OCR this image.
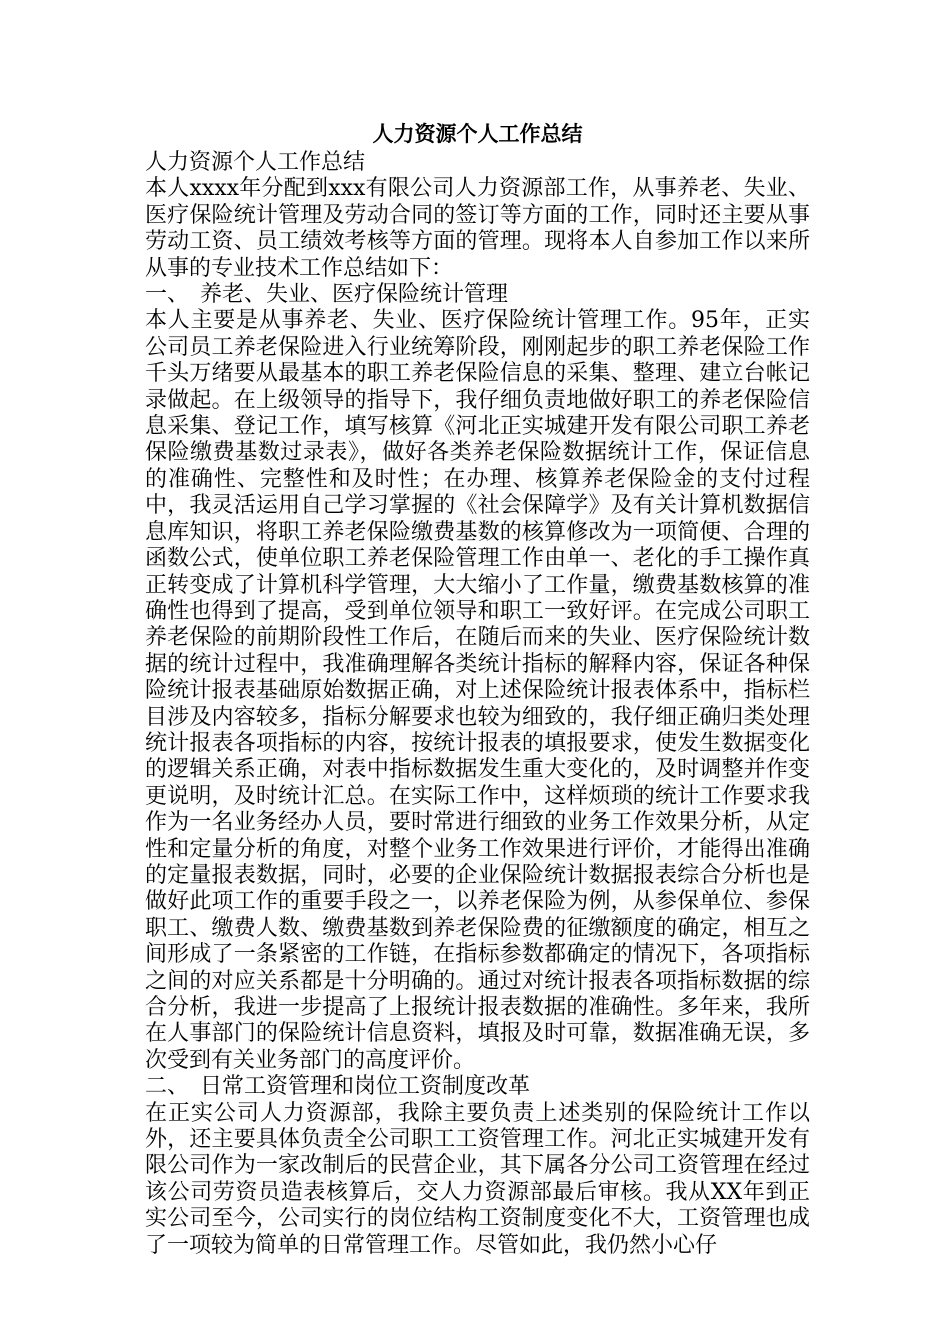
人力资源个人工作总结

人力资源个人工作总结

本人xxxx年分配到xxx有限公司人力资源部工作，从事养老、失业、医疗保险统计管理及劳动合同的签订等方面的工作，同时还主要从事劳动工资、员工绩效考核等方面的管理。现将本人自参加工作以来所从事的专业技术工作总结如下：

一、　养老、失业、医疗保险统计管理

本人主要是从事养老、失业、医疗保险统计管理工作。95年，正实公司员工养老保险进入行业统筹阶段，刚刚起步的职工养老保险工作千头万绪要从最基本的职工养老保险信息的采集、整理、建立台帐记录做起。在上级领导的指导下，我仔细负责地做好职工的养老保险信息采集、登记工作，填写核算《河北正实城建开发有限公司职工养老保险缴费基数过录表》，做好各类养老保险数据统计工作，保证信息的准确性、完整性和及时性；在办理、核算养老保险金的支付过程中，我灵活运用自己学习掌握的《社会保障学》及有关计算机数据信息库知识，将职工养老保险缴费基数的核算修改为一项简便、合理的函数公式，使单位职工养老保险管理工作由单一、老化的手工操作真正转变成了计算机科学管理，大大缩小了工作量，缴费基数核算的准确性也得到了提高，受到单位领导和职工一致好评。在完成公司职工养老保险的前期阶段性工作后，在随后而来的失业、医疗保险统计数据的统计过程中，我准确理解各类统计指标的解释内容，保证各种保险统计报表基础原始数据正确，对上述保险统计报表体系中，指标栏目涉及内容较多，指标分解要求也较为细致的，我仔细正确归类处理统计报表各项指标的内容，按统计报表的填报要求，使发生数据变化的逻辑关系正确，对表中指标数据发生重大变化的，及时调整并作变更说明，及时统计汇总。在实际工作中，这样烦琐的统计工作要求我作为一名业务经办人员，要时常进行细致的业务工作效果分析，从定性和定量分析的角度，对整个业务工作效果进行评价，才能得出准确的定量报表数据，同时，必要的企业保险统计数据报表综合分析也是做好此项工作的重要手段之一，以养老保险为例，从参保单位、参保职工、缴费人数、缴费基数到养老保险费的征缴额度的确定，相互之间形成了一条紧密的工作链，在指标参数都确定的情况下，各项指标之间的对应关系都是十分明确的。通过对统计报表各项指标数据的综合分析，我进一步提高了上报统计报表数据的准确性。多年来，我所在人事部门的保险统计信息资料，填报及时可靠，数据准确无误，多次受到有关业务部门的高度评价。

二、　日常工资管理和岗位工资制度改革

在正实公司人力资源部，我除主要负责上述类别的保险统计工作以外，还主要具体负责全公司职工工资管理工作。河北正实城建开发有限公司作为一家改制后的民营企业，其下属各分公司工资管理在经过该公司劳资员造表核算后，交人力资源部最后审核。我从XX年到正实公司至今，公司实行的岗位结构工资制度变化不大，工资管理也成了一项较为简单的日常管理工作。尽管如此，我仍然小心仔
